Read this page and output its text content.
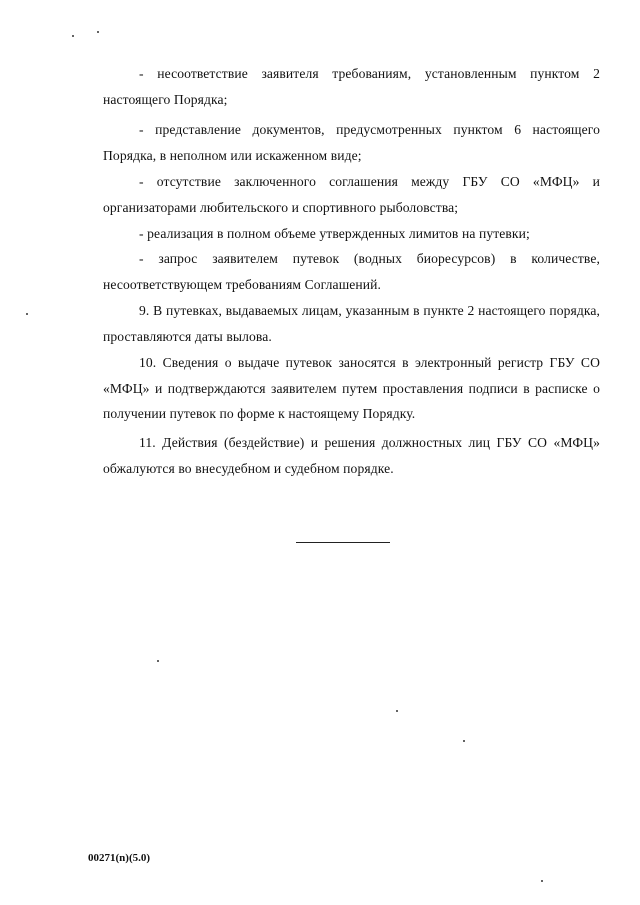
- несоответствие заявителя требованиям, установленным пунктом 2 настоящего Порядка;

- представление документов, предусмотренных пунктом 6 настоящего Порядка, в неполном или искаженном виде;

- отсутствие заключенного соглашения между ГБУ СО «МФЦ» и организаторами любительского и спортивного рыболовства;

- реализация в полном объеме утвержденных лимитов на путевки;

- запрос заявителем путевок (водных биоресурсов) в количестве, несоответствующем требованиям Соглашений.

9. В путевках, выдаваемых лицам, указанным в пункте 2 настоящего порядка, проставляются даты вылова.

10. Сведения о выдаче путевок заносятся в электронный регистр ГБУ СО «МФЦ» и подтверждаются заявителем путем проставления подписи в расписке о получении путевок по форме к настоящему Порядку.

11. Действия (бездействие) и решения должностных лиц ГБУ СО «МФЦ» обжалуются во внесудебном и судебном порядке.

00271(n)(5.0)
